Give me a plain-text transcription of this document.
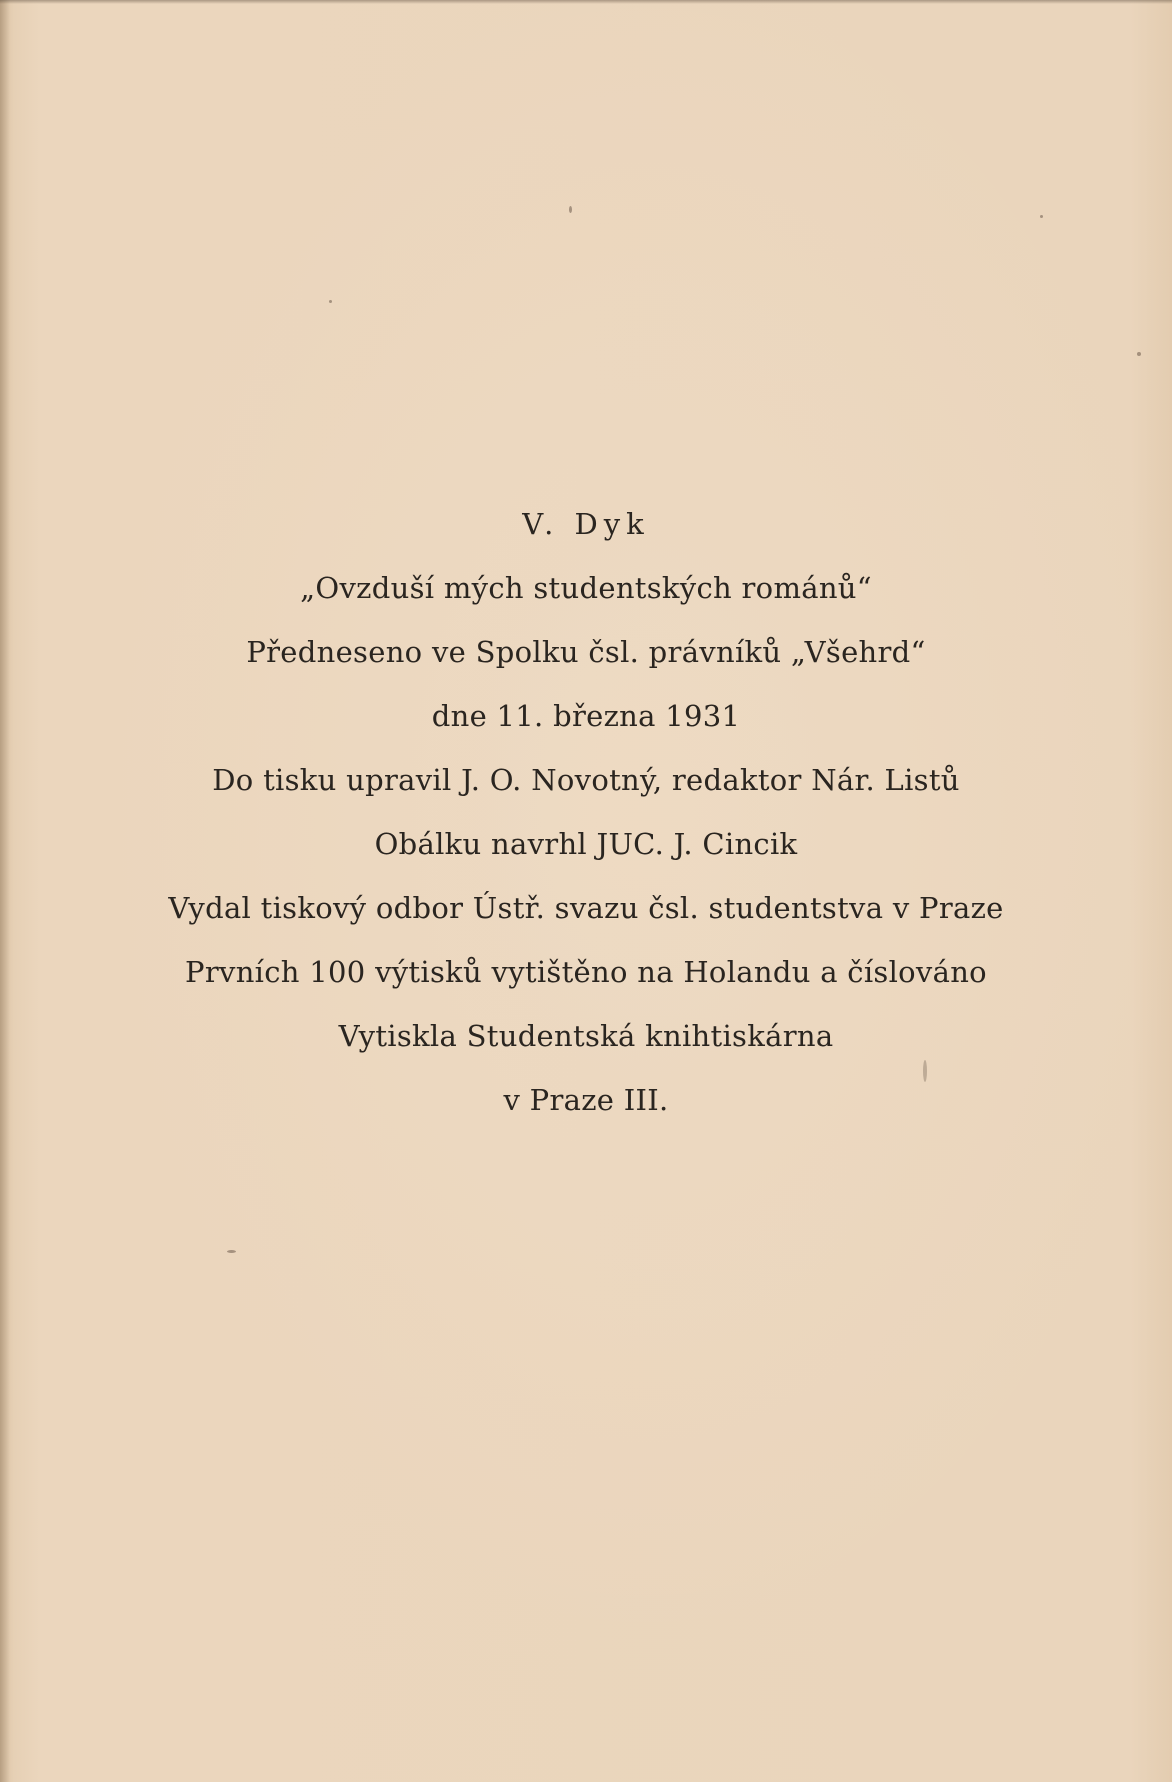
V. Dyk
„Ovzduší mých studentských románů“
Předneseno ve Spolku čsl. právníků „Všehrd“
dne 11. března 1931
Do tisku upravil J. O. Novotný, redaktor Nár. Listů
Obálku navrhl JUC. J. Cincik
Vydal tiskový odbor Ústř. svazu čsl. studentstva v Praze
Prvních 100 výtisků vytištěno na Holandu a číslováno
Vytiskla Studentská knihtiskárna
v Praze III.
